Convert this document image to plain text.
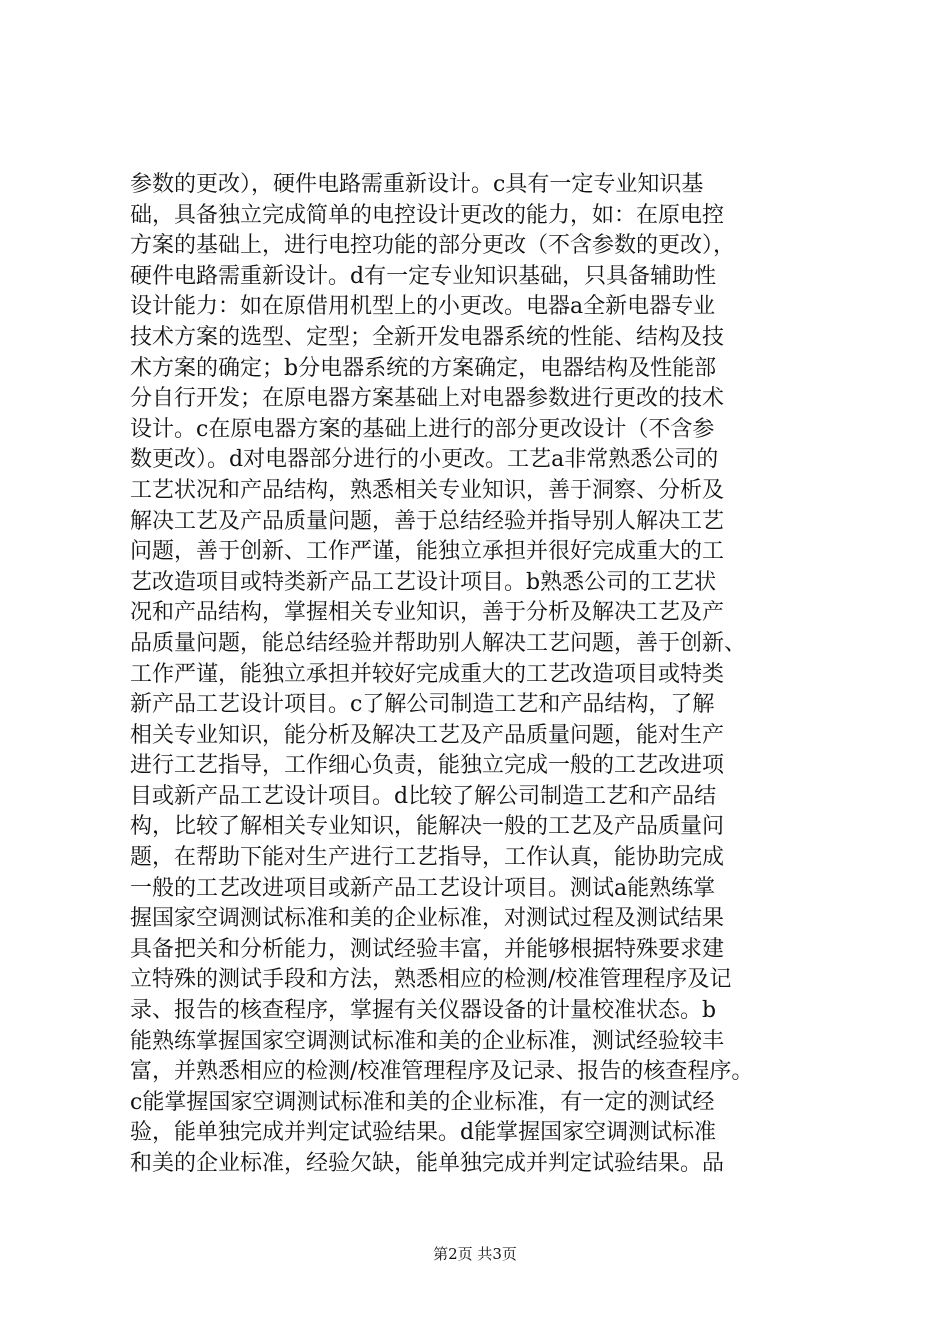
参数的更改），硬件电路需重新设计。c具有一定专业知识基
础，具备独立完成简单的电控设计更改的能力，如：在原电控
方案的基础上，进行电控功能的部分更改（不含参数的更改），
硬件电路需重新设计。d有一定专业知识基础，只具备辅助性
设计能力：如在原借用机型上的小更改。电器a全新电器专业
技术方案的选型、定型；全新开发电器系统的性能、结构及技
术方案的确定；b分电器系统的方案确定，电器结构及性能部
分自行开发；在原电器方案基础上对电器参数进行更改的技术
设计。c在原电器方案的基础上进行的部分更改设计（不含参
数更改）。d对电器部分进行的小更改。工艺a非常熟悉公司的
工艺状况和产品结构，熟悉相关专业知识，善于洞察、分析及
解决工艺及产品质量问题，善于总结经验并指导别人解决工艺
问题，善于创新、工作严谨，能独立承担并很好完成重大的工
艺改造项目或特类新产品工艺设计项目。b熟悉公司的工艺状
况和产品结构，掌握相关专业知识，善于分析及解决工艺及产
品质量问题，能总结经验并帮助别人解决工艺问题，善于创新、
工作严谨，能独立承担并较好完成重大的工艺改造项目或特类
新产品工艺设计项目。c了解公司制造工艺和产品结构，了解
相关专业知识，能分析及解决工艺及产品质量问题，能对生产
进行工艺指导，工作细心负责，能独立完成一般的工艺改进项
目或新产品工艺设计项目。d比较了解公司制造工艺和产品结
构，比较了解相关专业知识，能解决一般的工艺及产品质量问
题，在帮助下能对生产进行工艺指导，工作认真，能协助完成
一般的工艺改进项目或新产品工艺设计项目。测试a能熟练掌
握国家空调测试标准和美的企业标准，对测试过程及测试结果
具备把关和分析能力，测试经验丰富，并能够根据特殊要求建
立特殊的测试手段和方法，熟悉相应的检测/校准管理程序及记
录、报告的核查程序，掌握有关仪器设备的计量校准状态。b
能熟练掌握国家空调测试标准和美的企业标准，测试经验较丰
富，并熟悉相应的检测/校准管理程序及记录、报告的核查程序。
c能掌握国家空调测试标准和美的企业标准，有一定的测试经
验，能单独完成并判定试验结果。d能掌握国家空调测试标准
和美的企业标准，经验欠缺，能单独完成并判定试验结果。品
第2页 共3页
